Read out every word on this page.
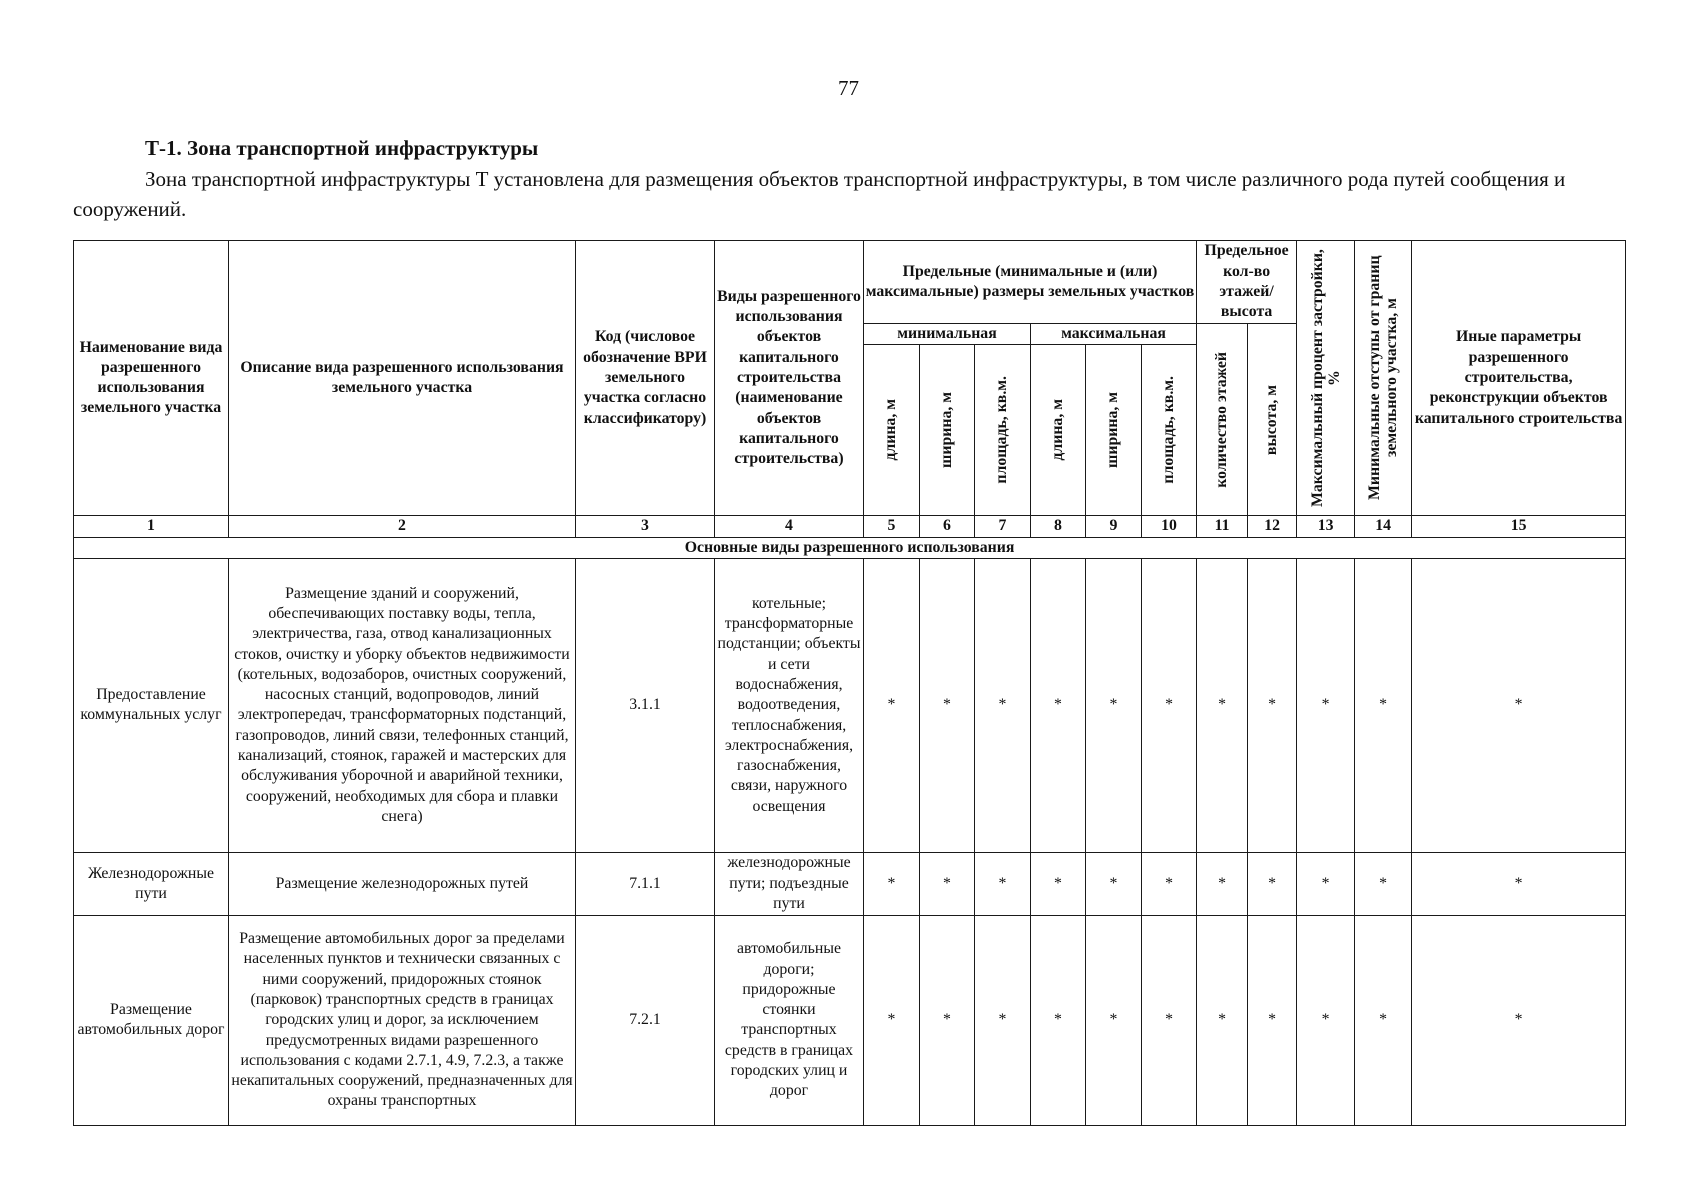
77
Т-1. Зона транспортной инфраструктуры

Зона транспортной инфраструктуры Т установлена для размещения объектов транспортной инфраструктуры, в том числе различного рода путей сообщения и сооружений.

Наименование вида разрешенного использования земельного участка	Описание вида разрешенного использования земельного участка	Код (числовое обозначение ВРИ земельного участка согласно классификатору)	Виды разрешенного использования объектов капитального строительства (наименование объектов капитального строительства)	Предельные (минимальные и (или) максимальные) размеры земельных участков						Предельное кол-во этажей/ высота		Максимальный процент застройки, %	Минимальные отступы от границ земельного участка, м	Иные параметры разрешенного строительства, реконструкции объектов капитального строительства
				минимальная			максимальная			количество этажей	высота, м			

				длина, м	ширина, м	площадь, кв.м.	длина, м	ширина, м	площадь, кв.м.					

1	2	3	4	5	6	7	8	9	10	11	12	13	14	15
Основные виды разрешенного использования														
Предоставление коммунальных услуг	Размещение зданий и сооружений, обеспечивающих поставку воды, тепла, электричества, газа, отвод канализационных стоков, очистку и уборку объектов недвижимости (котельных, водозаборов, очистных сооружений, насосных станций, водопроводов, линий электропередач, трансформаторных подстанций, газопроводов, линий связи, телефонных станций, канализаций, стоянок, гаражей и мастерских для обслуживания уборочной и аварийной техники, сооружений, необходимых для сбора и плавки снега)	3.1.1	котельные; трансформаторные подстанции; объекты и сети водоснабжения, водоотведения, теплоснабжения, электроснабжения, газоснабжения, связи, наружного освещения	*	*	*	*	*	*	*	*	*	*	*
Железнодорожные пути	Размещение железнодорожных путей	7.1.1	железнодорожные пути; подъездные пути	*	*	*	*	*	*	*	*	*	*	*
Размещение автомобильных дорог	Размещение автомобильных дорог за пределами населенных пунктов и технически связанных с ними сооружений, придорожных стоянок (парковок) транспортных средств в границах городских улиц и дорог, за исключением предусмотренных видами разрешенного использования с кодами 2.7.1, 4.9, 7.2.3, а также некапитальных сооружений, предназначенных для охраны транспортных	7.2.1	автомобильные дороги; придорожные стоянки транспортных средств в границах городских улиц и дорог	*	*	*	*	*	*	*	*	*	*	*
